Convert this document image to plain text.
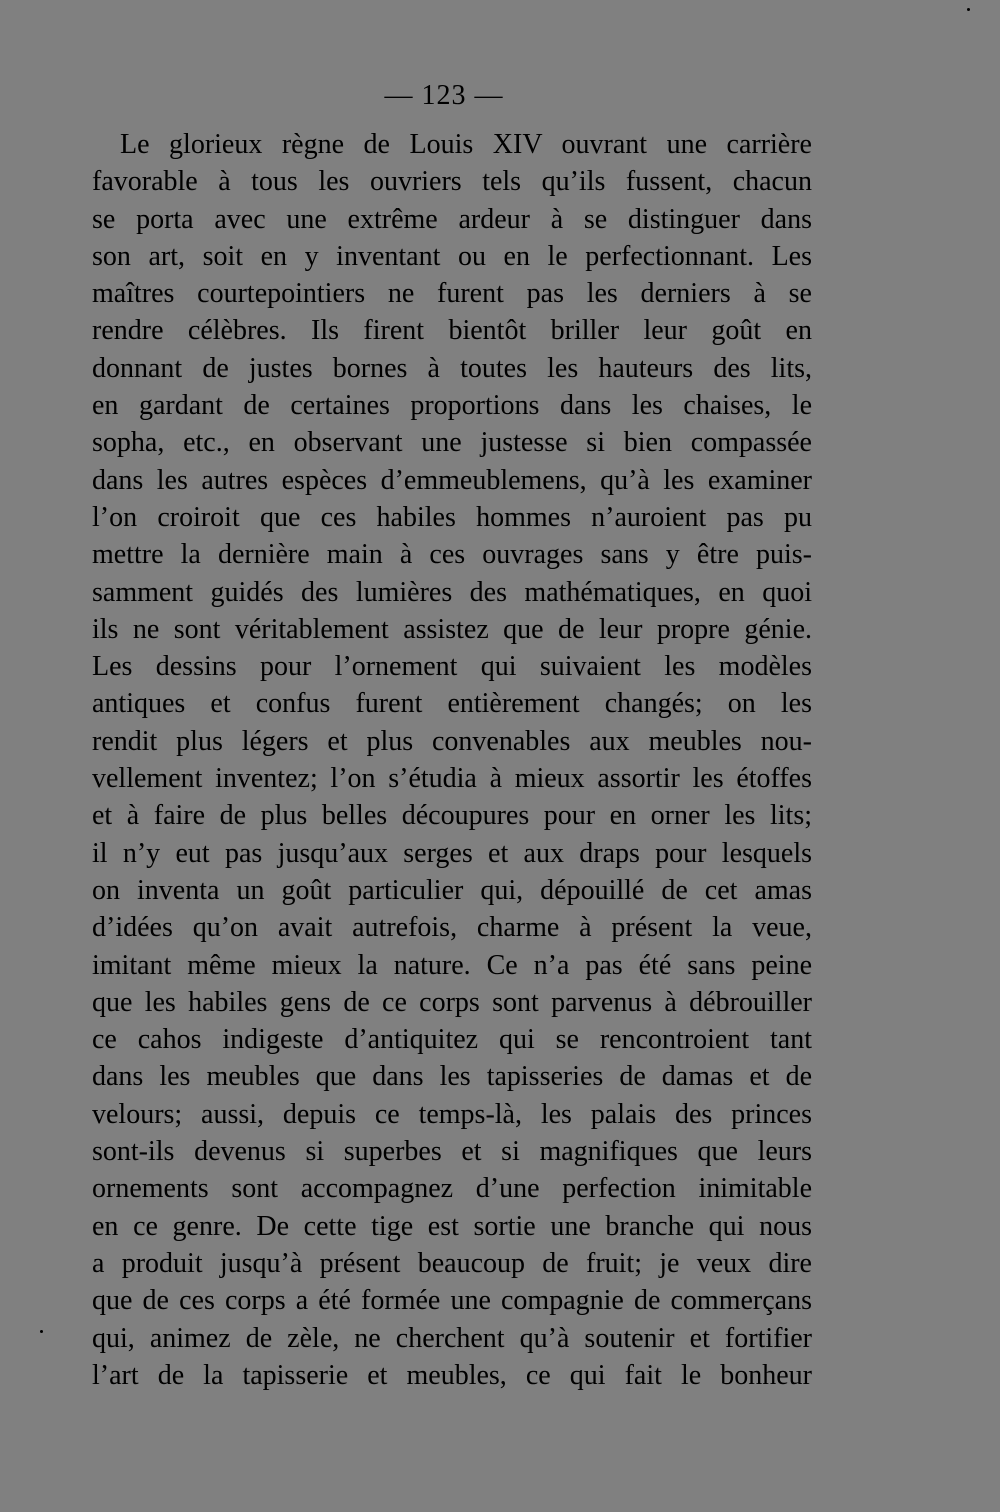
— 123 —
Le glorieux règne de Louis XIV ouvrant une carrière
favorable à tous les ouvriers tels qu’ils fussent, chacun
se porta avec une extrême ardeur à se distinguer dans
son art, soit en y inventant ou en le perfectionnant. Les
maîtres courtepointiers ne furent pas les derniers à se
rendre célèbres. Ils firent bientôt briller leur goût en
donnant de justes bornes à toutes les hauteurs des lits,
en gardant de certaines proportions dans les chaises, le
sopha, etc., en observant une justesse si bien compassée
dans les autres espèces d’emmeublemens, qu’à les examiner
l’on croiroit que ces habiles hommes n’auroient pas pu
mettre la dernière main à ces ouvrages sans y être puis-
samment guidés des lumières des mathématiques, en quoi
ils ne sont véritablement assistez que de leur propre génie.
Les dessins pour l’ornement qui suivaient les modèles
antiques et confus furent entièrement changés; on les
rendit plus légers et plus convenables aux meubles nou-
vellement inventez; l’on s’étudia à mieux assortir les étoffes
et à faire de plus belles découpures pour en orner les lits;
il n’y eut pas jusqu’aux serges et aux draps pour lesquels
on inventa un goût particulier qui, dépouillé de cet amas
d’idées qu’on avait autrefois, charme à présent la veue,
imitant même mieux la nature. Ce n’a pas été sans peine
que les habiles gens de ce corps sont parvenus à débrouiller
ce cahos indigeste d’antiquitez qui se rencontroient tant
dans les meubles que dans les tapisseries de damas et de
velours; aussi, depuis ce temps-là, les palais des princes
sont-ils devenus si superbes et si magnifiques que leurs
ornements sont accompagnez d’une perfection inimitable
en ce genre. De cette tige est sortie une branche qui nous
a produit jusqu’à présent beaucoup de fruit; je veux dire
que de ces corps a été formée une compagnie de commerçans
qui, animez de zèle, ne cherchent qu’à soutenir et fortifier
l’art de la tapisserie et meubles, ce qui fait le bonheur
